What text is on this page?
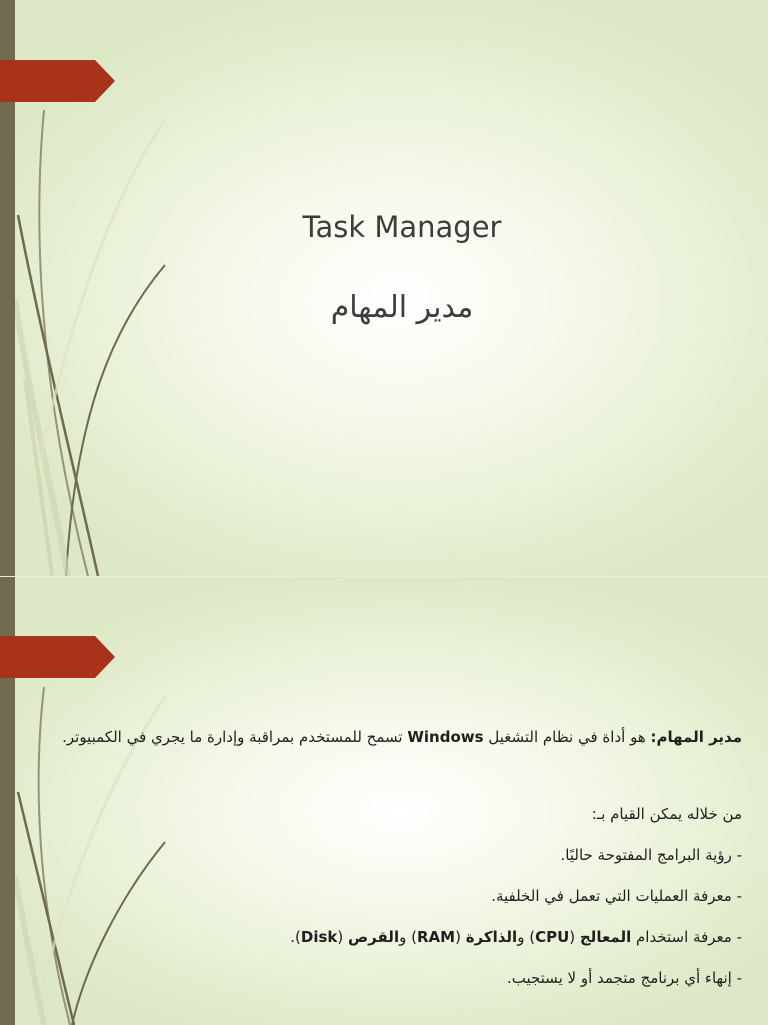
Task Manager
مدير المهام

مدير المهام: هو أداة في نظام التشغيل Windows تسمح للمستخدم بمراقبة وإدارة ما يجري في الكمبيوتر.

من خلاله يمكن القيام بـ:

- رؤية البرامج المفتوحة حاليًا.

- معرفة العمليات التي تعمل في الخلفية.

- معرفة استخدام المعالج (CPU) والذاكرة (RAM) والقرص (Disk).

- إنهاء أي برنامج متجمد أو لا يستجيب.
